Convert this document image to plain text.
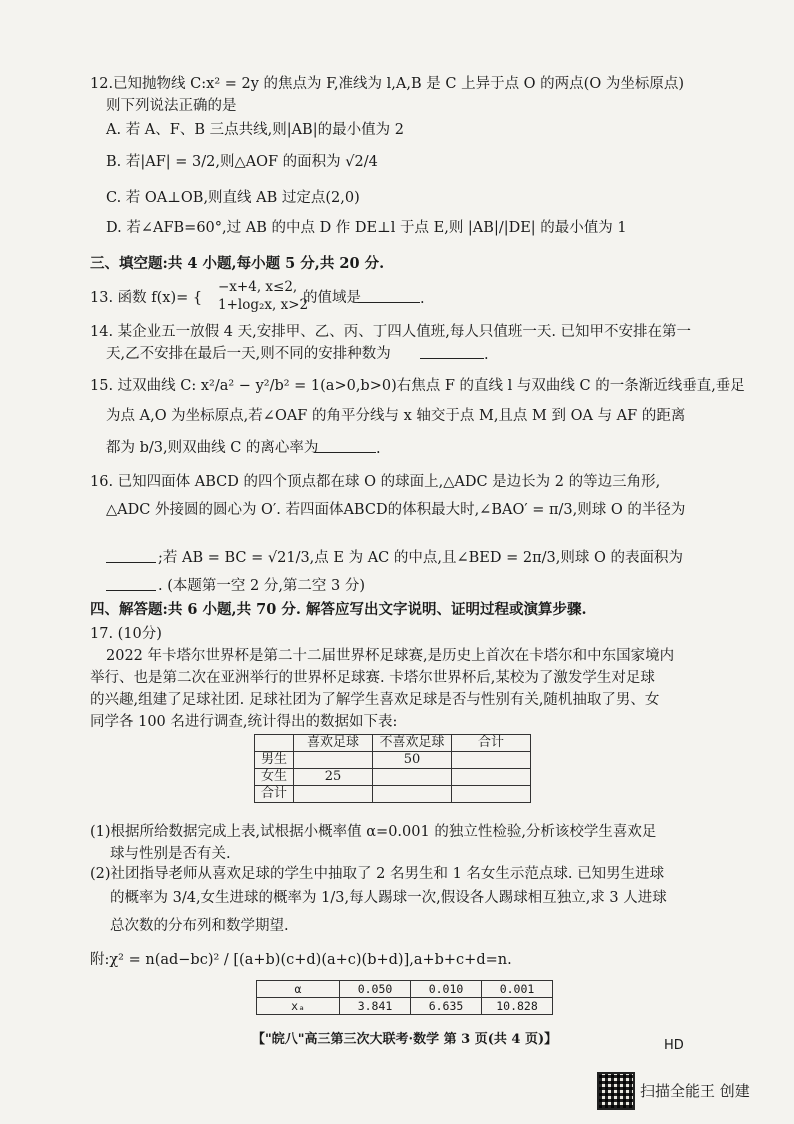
12.已知抛物线 C:x² = 2y 的焦点为 F,准线为 l,A,B 是 C 上异于点 O 的两点(O 为坐标原点)
则下列说法正确的是
A. 若 A、F、B 三点共线,则|AB|的最小值为 2
B. 若|AF| = 3/2,则△AOF 的面积为 √2/4
C. 若 OA⊥OB,则直线 AB 过定点(2,0)
D. 若∠AFB=60°,过 AB 的中点 D 作 DE⊥l 于点 E,则 |AB|/|DE| 的最小值为 1
三、填空题:共 4 小题,每小题 5 分,共 20 分.
13. 函数 f(x)= {
−x+4, x≤2,
1+log₂x, x>2
的值域是	.
14. 某企业五一放假 4 天,安排甲、乙、丙、丁四人值班,每人只值班一天. 已知甲不安排在第一
天,乙不安排在最后一天,则不同的安排种数为	.
15. 过双曲线 C: x²/a² − y²/b² = 1(a>0,b>0)右焦点 F 的直线 l 与双曲线 C 的一条渐近线垂直,垂足
为点 A,O 为坐标原点,若∠OAF 的角平分线与 x 轴交于点 M,且点 M 到 OA 与 AF 的距离
都为 b/3,则双曲线 C 的离心率为	.
16. 已知四面体 ABCD 的四个顶点都在球 O 的球面上,△ADC 是边长为 2 的等边三角形,
△ADC 外接圆的圆心为 O′. 若四面体ABCD的体积最大时,∠BAO′ = π/3,则球 O 的半径为
;若 AB = BC = √21/3,点 E 为 AC 的中点,且∠BED = 2π/3,则球 O 的表面积为
. (本题第一空 2 分,第二空 3 分)
四、解答题:共 6 小题,共 70 分. 解答应写出文字说明、证明过程或演算步骤.
17. (10分)
2022 年卡塔尔世界杯是第二十二届世界杯足球赛,是历史上首次在卡塔尔和中东国家境内
举行、也是第二次在亚洲举行的世界杯足球赛. 卡塔尔世界杯后,某校为了激发学生对足球
的兴趣,组建了足球社团. 足球社团为了解学生喜欢足球是否与性别有关,随机抽取了男、女
同学各 100 名进行调查,统计得出的数据如下表:
	喜欢足球	不喜欢足球	合计
男生		50	
女生	25		
合计			
(1)根据所给数据完成上表,试根据小概率值 α=0.001 的独立性检验,分析该校学生喜欢足
球与性别是否有关.
(2)社团指导老师从喜欢足球的学生中抽取了 2 名男生和 1 名女生示范点球. 已知男生进球
的概率为 3/4,女生进球的概率为 1/3,每人踢球一次,假设各人踢球相互独立,求 3 人进球
总次数的分布列和数学期望.
附:χ² = n(ad−bc)² / [(a+b)(c+d)(a+c)(b+d)],a+b+c+d=n.
α	0.050	0.010	0.001
xₐ	3.841	6.635	10.828
【"皖八"高三第三次大联考·数学 第 3 页(共 4 页)】	HD
扫描全能王 创建
